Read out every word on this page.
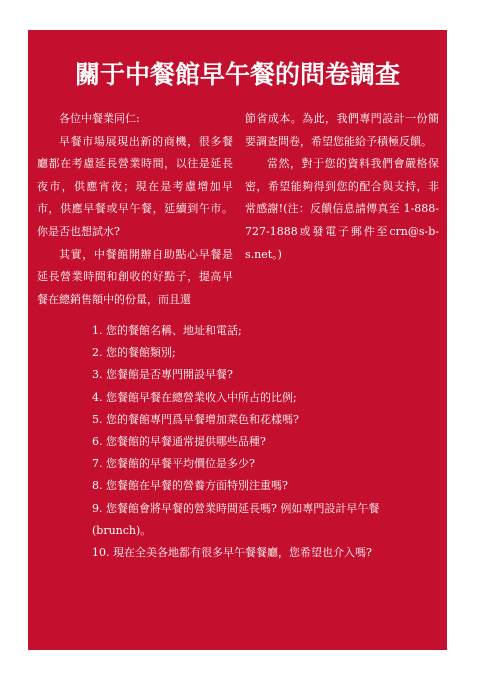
關于中餐館早午餐的問卷調查

各位中餐業同仁:

早餐市場展現出新的商機，很多餐廳都在考慮延長營業時間，以往是延長夜市，供應宵夜；現在是考慮增加早市，供應早餐或早午餐，延續到午市。你是否也想試水?

其實，中餐館開辦自助點心早餐是延長營業時間和創收的好點子，提高早餐在總銷售額中的份量，而且還

節省成本。為此，我們專門設計一份簡要調查問卷，希望您能給予積極反饋。

當然，對于您的資料我們會嚴格保密，希望能夠得到您的配合與支持，非常感謝!(注：反饋信息請傳真至 1-888-727-1888或發電子郵件至crn@s-b-s.net。)

1. 您的餐館名稱、地址和電話;

2. 您的餐館類別;

3. 您餐館是否專門開設早餐?

4. 您餐館早餐在總營業收入中所占的比例;

5. 您的餐館專門爲早餐增加菜色和花樣嗎?

6. 您餐館的早餐通常提供哪些品種?

7. 您餐館的早餐平均價位是多少?

8. 您餐館在早餐的營養方面特別注重嗎?

9. 您餐館會將早餐的營業時間延長嗎? 例如專門設計早午餐(brunch)。

10. 現在全美各地都有很多早午餐餐廳，您希望也介入嗎?
